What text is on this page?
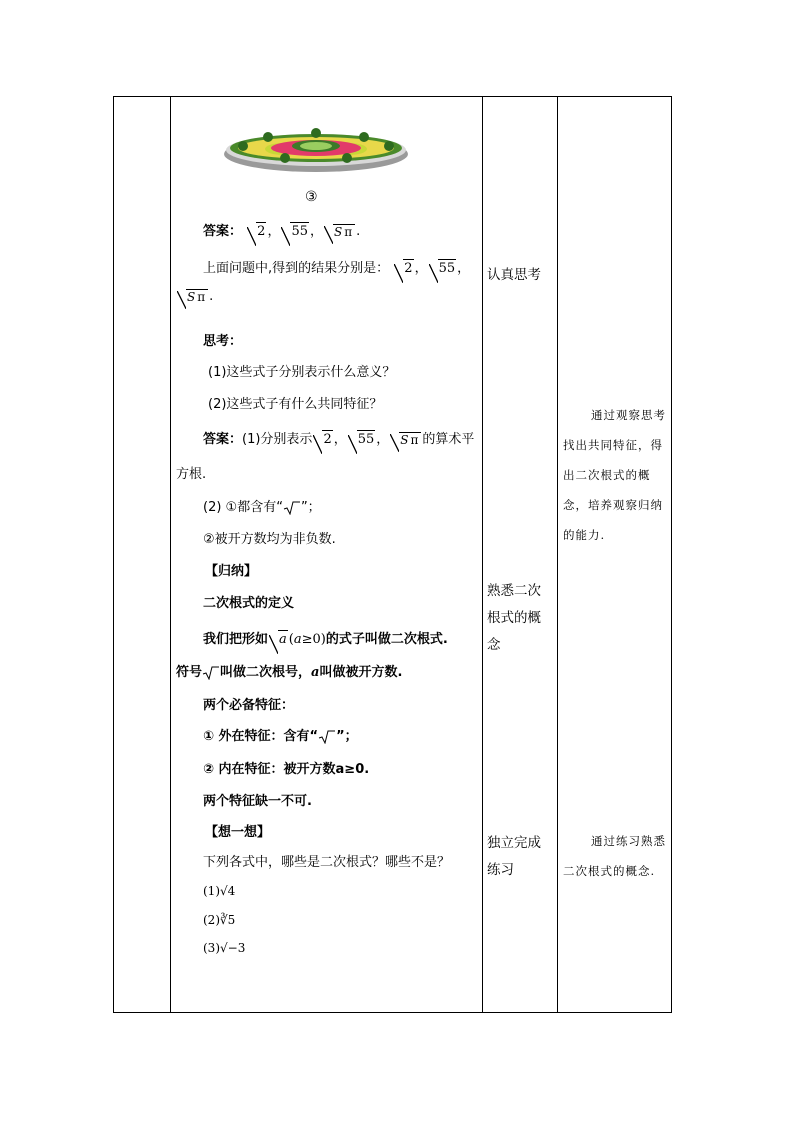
③
答案： 2 ， 55 ， S π .
上面问题中,得到的结果分别是： 2 ， 55 ，
S π .
思考：
(1)这些式子分别表示什么意义？
(2)这些式子有什么共同特征？
答案：(1)分别表示 2 ， 55 ， S π 的算术平
方根.
(2) ①都含有“ ”；
②被开方数均为非负数.
【归纳】
二次根式的定义
我们把形如 a (a≥0)的式子叫做二次根式.
符号 叫做二次根号，a叫做被开方数.
两个必备特征：
① 外在特征：含有“ ”；
② 内在特征：被开方数a≥0.
两个特征缺一不可.
【想一想】
下列各式中，哪些是二次根式？哪些不是？
(1)√4
(2)∛5
(3)√−3
认真思考
熟悉二次根式的概念
独立完成练习
通过观察思考找出共同特征，得出二次根式的概念，培养观察归纳的能力.
通过练习熟悉二次根式的概念.
